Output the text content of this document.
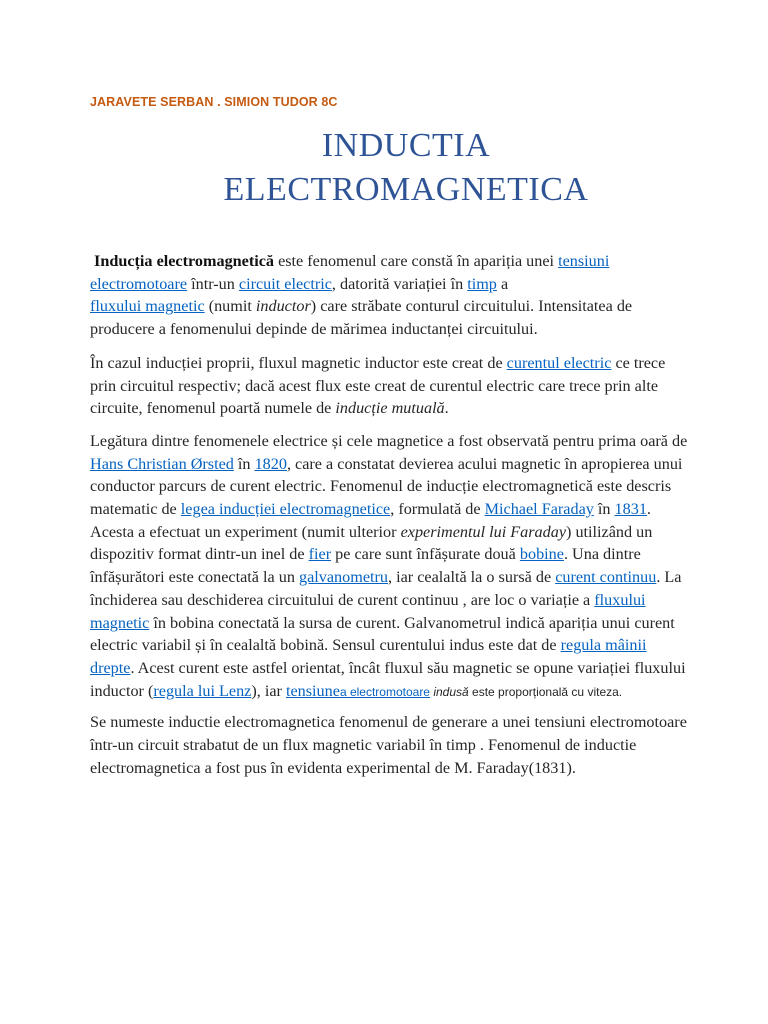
JARAVETE SERBAN . SIMION TUDOR 8C
INDUCTIA
ELECTROMAGNETICA

Inducția electromagnetică este fenomenul care constă în apariția unei tensiuni electromotoare într-un circuit electric, datorită variației în timp a
fluxului magnetic (numit inductor) care străbate conturul circuitului. Intensitatea de producere a fenomenului depinde de mărimea inductanței circuitului.

În cazul inducției proprii, fluxul magnetic inductor este creat de curentul electric ce trece prin circuitul respectiv; dacă acest flux este creat de curentul electric care trece prin alte circuite, fenomenul poartă numele de inducție mutuală.

Legătura dintre fenomenele electrice și cele magnetice a fost observată pentru prima oară de Hans Christian Ørsted în 1820, care a constatat devierea acului magnetic în apropierea unui conductor parcurs de curent electric. Fenomenul de inducție electromagnetică este descris matematic de legea inducției electromagnetice, formulată de Michael Faraday în 1831. Acesta a efectuat un experiment (numit ulterior experimentul lui Faraday) utilizând un dispozitiv format dintr-un inel de fier pe care sunt înfășurate două bobine. Una dintre înfășurători este conectată la un galvanometru, iar cealaltă la o sursă de curent continuu. La închiderea sau deschiderea circuitului de curent continuu , are loc o variație a fluxului magnetic în bobina conectată la sursa de curent. Galvanometrul indică apariția unui curent electric variabil și în cealaltă bobină. Sensul curentului indus este dat de regula mâinii drepte. Acest curent este astfel orientat, încât fluxul său magnetic se opune variației fluxului inductor (regula lui Lenz), iar tensiunea electromotoare indusă este proporțională cu viteza.

Se numeste inductie electromagnetica fenomenul de generare a unei tensiuni electromotoare într-un circuit strabatut de un flux magnetic variabil în timp . Fenomenul de inductie electromagnetica a fost pus în evidenta experimental de M. Faraday(1831).
